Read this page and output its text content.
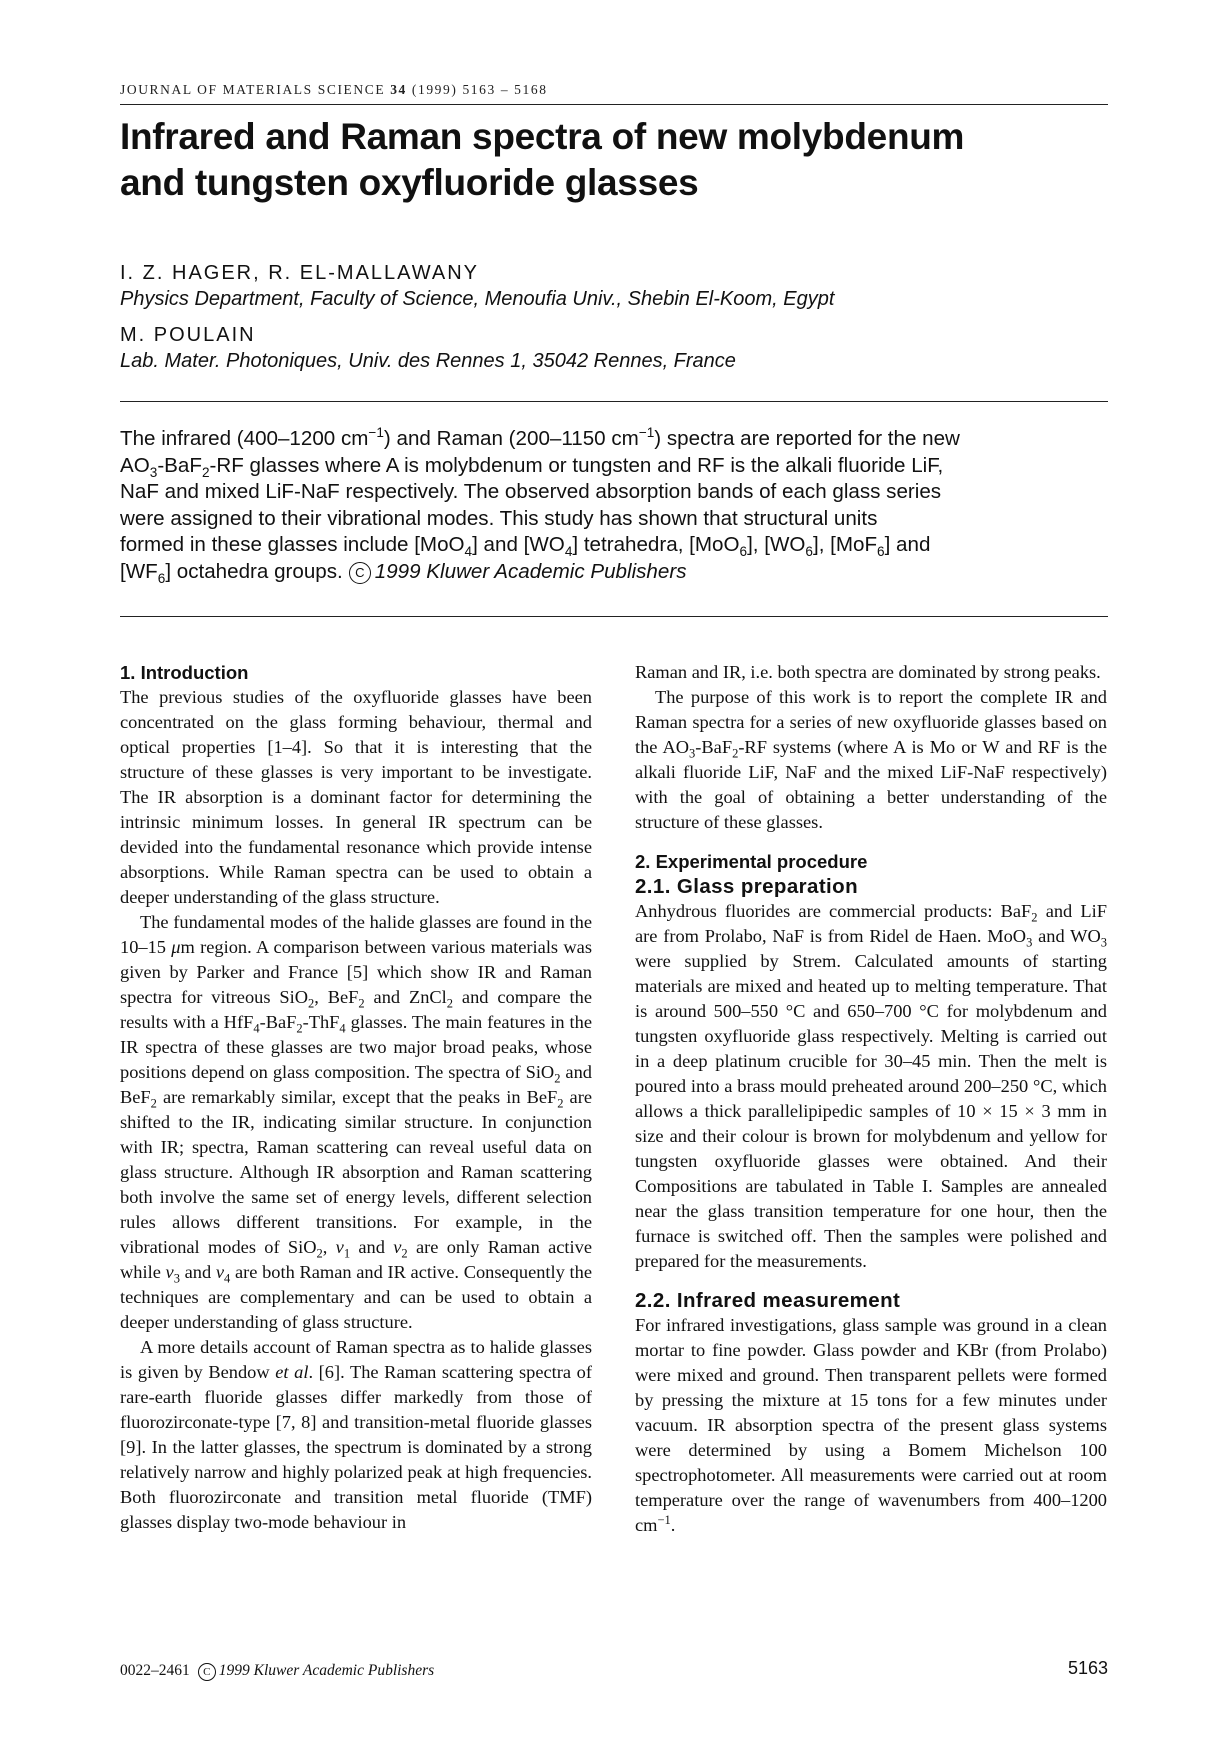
JOURNAL OF MATERIALS SCIENCE 34 (1999) 5163 – 5168
Infrared and Raman spectra of new molybdenum
and tungsten oxyfluoride glasses
I. Z. HAGER, R. EL-MALLAWANY
Physics Department, Faculty of Science, Menoufia Univ., Shebin El-Koom, Egypt
M. POULAIN
Lab. Mater. Photoniques, Univ. des Rennes 1, 35042 Rennes, France
The infrared (400–1200 $cm^{-1}$) and Raman (200–1150 $cm^{-1}$) spectra are reported for the new
$AO_3-BaF_2-RF$ glasses where A is molybdenum or tungsten and RF is the alkali fluoride LiF,
NaF and mixed LiF-NaF respectively. The observed absorption bands of each glass series
were assigned to their vibrational modes. This study has shown that structural units
formed in these glasses include [MoO$_4$] and $[WO_4]$ tetrahedra, [MoO$_6$], $[WO_6]$, [MoF$_6$] and
$[WF_6]$ octahedra groups. C 1999 Kluwer Academic Publishers
1. Introduction

The previous studies of the oxyfluoride glasses have been concentrated on the glass forming behaviour, thermal and optical properties [1–4]. So that it is interesting that the structure of these glasses is very important to be investigate. The IR absorption is a dominant factor for determining the intrinsic minimum losses. In general IR spectrum can be devided into the fundamental resonance which provide intense absorptions. While Raman spectra can be used to obtain a deeper understanding of the glass structure.

The fundamental modes of the halide glasses are found in the 10–15 μm region. A comparison between various materials was given by Parker and France [5] which show IR and Raman spectra for vitreous SiO$_2$, BeF$_2$ and ZnCl$_2$ and compare the results with a HfF$_4$-BaF$_2$-ThF$_4$ glasses. The main features in the IR spectra of these glasses are two major broad peaks, whose positions depend on glass composition. The spectra of SiO$_2$ and BeF$_2$ are remarkably similar, except that the peaks in BeF$_2$ are shifted to the IR, indicating similar structure. In conjunction with IR; spectra, Raman scattering can reveal useful data on glass structure. Although IR absorption and Raman scattering both involve the same set of energy levels, different selection rules allows different transitions. For example, in the vibrational modes of SiO$_2$, $\nu_1$ and $\nu_2$ are only Raman active while $\nu_3$ and $\nu_4$ are both Raman and IR active. Consequently the techniques are complementary and can be used to obtain a deeper understanding of glass structure.

A more details account of Raman spectra as to halide glasses is given by Bendow et al. [6]. The Raman scattering spectra of rare-earth fluoride glasses differ markedly from those of fluorozirconate-type [7, 8] and transition-metal fluoride glasses [9]. In the latter glasses, the spectrum is dominated by a strong relatively narrow and highly polarized peak at high frequencies. Both fluorozirconate and transition metal fluoride (TMF) glasses display two-mode behaviour in

Raman and IR, i.e. both spectra are dominated by strong peaks.

The purpose of this work is to report the complete IR and Raman spectra for a series of new oxyfluoride glasses based on the $AO_3-BaF_2-RF$ systems (where A is Mo or W and RF is the alkali fluoride LiF, NaF and the mixed LiF-NaF respectively) with the goal of obtaining a better understanding of the structure of these glasses.

2. Experimental procedure
2.1. Glass preparation

Anhydrous fluorides are commercial products: BaF$_2$ and LiF are from Prolabo, NaF is from Ridel de Haen. MoO$_3$ and $WO_3$ were supplied by Strem. Calculated amounts of starting materials are mixed and heated up to melting temperature. That is around 500–550 °C and 650–700 °C for molybdenum and tungsten oxyfluoride glass respectively. Melting is carried out in a deep platinum crucible for 30–45 min. Then the melt is poured into a brass mould preheated around 200–250 °C, which allows a thick parallelipipedic samples of 10 × 15 × 3 mm in size and their colour is brown for molybdenum and yellow for tungsten oxyfluoride glasses were obtained. And their Compositions are tabulated in Table I. Samples are annealed near the glass transition temperature for one hour, then the furnace is switched off. Then the samples were polished and prepared for the measurements.

2.2. Infrared measurement

For infrared investigations, glass sample was ground in a clean mortar to fine powder. Glass powder and KBr (from Prolabo) were mixed and ground. Then transparent pellets were formed by pressing the mixture at 15 tons for a few minutes under vacuum. IR absorption spectra of the present glass systems were determined by using a Bomem Michelson 100 spectrophotometer. All measurements were carried out at room temperature over the range of wavenumbers from 400–1200 $cm^{-1}$.

0022–2461 C 1999 Kluwer Academic Publishers	5163
